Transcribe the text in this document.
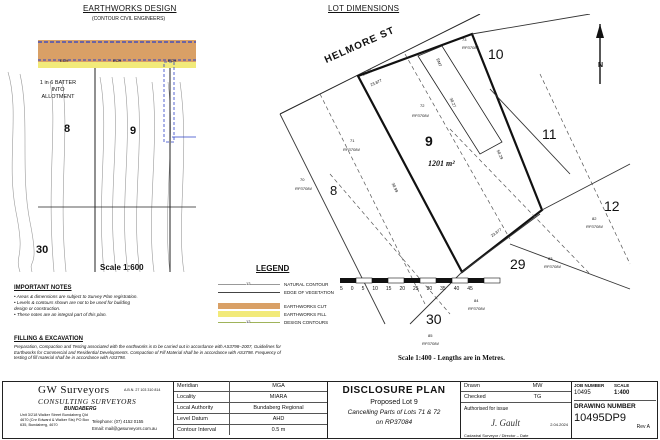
EARTHWORKS DESIGN
(CONTOUR CIVIL ENGINEERS)
ECH	ECH	ECH
1 in 6 BATTER INTO ALLOTMENT
8	9
30
Scale 1:600
LOT DIMENSIONS
HELMORE ST
9
1201 m²
72
RP37084
71
RP37084
70
RP37084 8
73
RP37084 10
11
82
RP37084
12
29	83
RP37084
84
RP37084
30
85
RP37084
EMT
20.00
23.877
30.99
50.29
23.877
30.27
N
5 0 5 10 15 20 25 30 35 40 45
Scale 1:400 - Lengths are in Metres.
LEGEND
12	NATURAL CONTOUR
EDGE OF VEGETATION
EARTHWORKS CUT
EARTHWORKS FILL
12	DESIGN CONTOURS
IMPORTANT NOTES
• Areas & dimensions are subject to Survey Plan registration.
• Levels & contours shown are not to be used for building design or construction.
• These notes are an integral part of this plan.
FILLING & EXCAVATION
Preparation, Compaction and Testing associated with the earthworks is to be carried out in accordance with AS3798–2007, Guidelines for Earthworks for Commercial and Residential Developments. Compaction of Fill Material shall be in accordance with AS3798. Frequency of testing of fill material shall be in accordance with AS3798.
GW Surveyors	A.B.N. 27 103 310 814
CONSULTING SURVEYORS
BUNDABERG
Unit 3/218 Walker Street Bundaberg Qld 4670 (Cnr Edward & Walker Sts) PO Box 635, Bundaberg, 4670
Telephone: (07) 4152 0155
Email: mail@gwsurveyors.com.au
Meridian	MGA
Locality	MIARA
Local Authority	Bundaberg Regional
Level Datum	AHD
Contour Interval	0.5 m
DISCLOSURE PLAN
Proposed Lot 9
Cancelling Parts of Lots 71 & 72
on RP37084
Drawn	MW
Checked	TG
Authorised for issue
J. Gault	2.04.2024
Cadastral Surveyor / Director – Date
JOB NUMBER	SCALE
10495	1:400
DRAWING NUMBER
10495DP9
Rev A
